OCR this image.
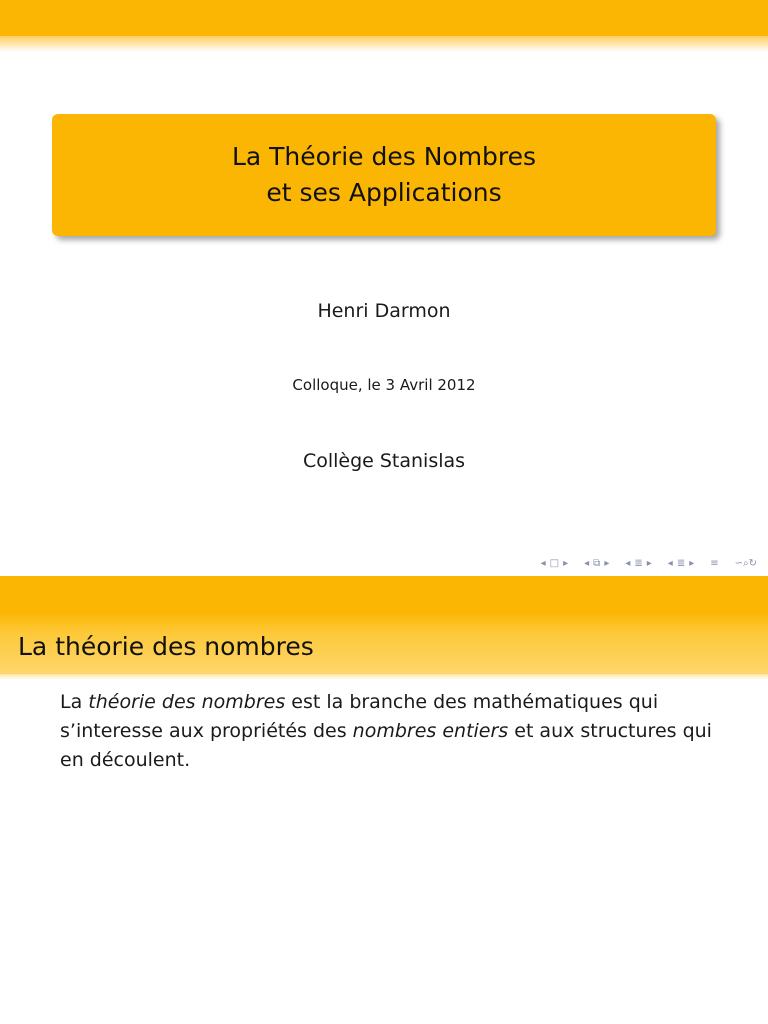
La Théorie des Nombres
et ses Applications
Henri Darmon
Colloque, le 3 Avril 2012
Collège Stanislas
◂ □ ▸ ◂ ⧉ ▸ ◂ ≣ ▸ ◂ ≣ ▸ ≡ ∽⌕↻
La théorie des nombres
La théorie des nombres est la branche des mathématiques qui s’interesse aux propriétés des nombres entiers et aux structures qui en découlent.
